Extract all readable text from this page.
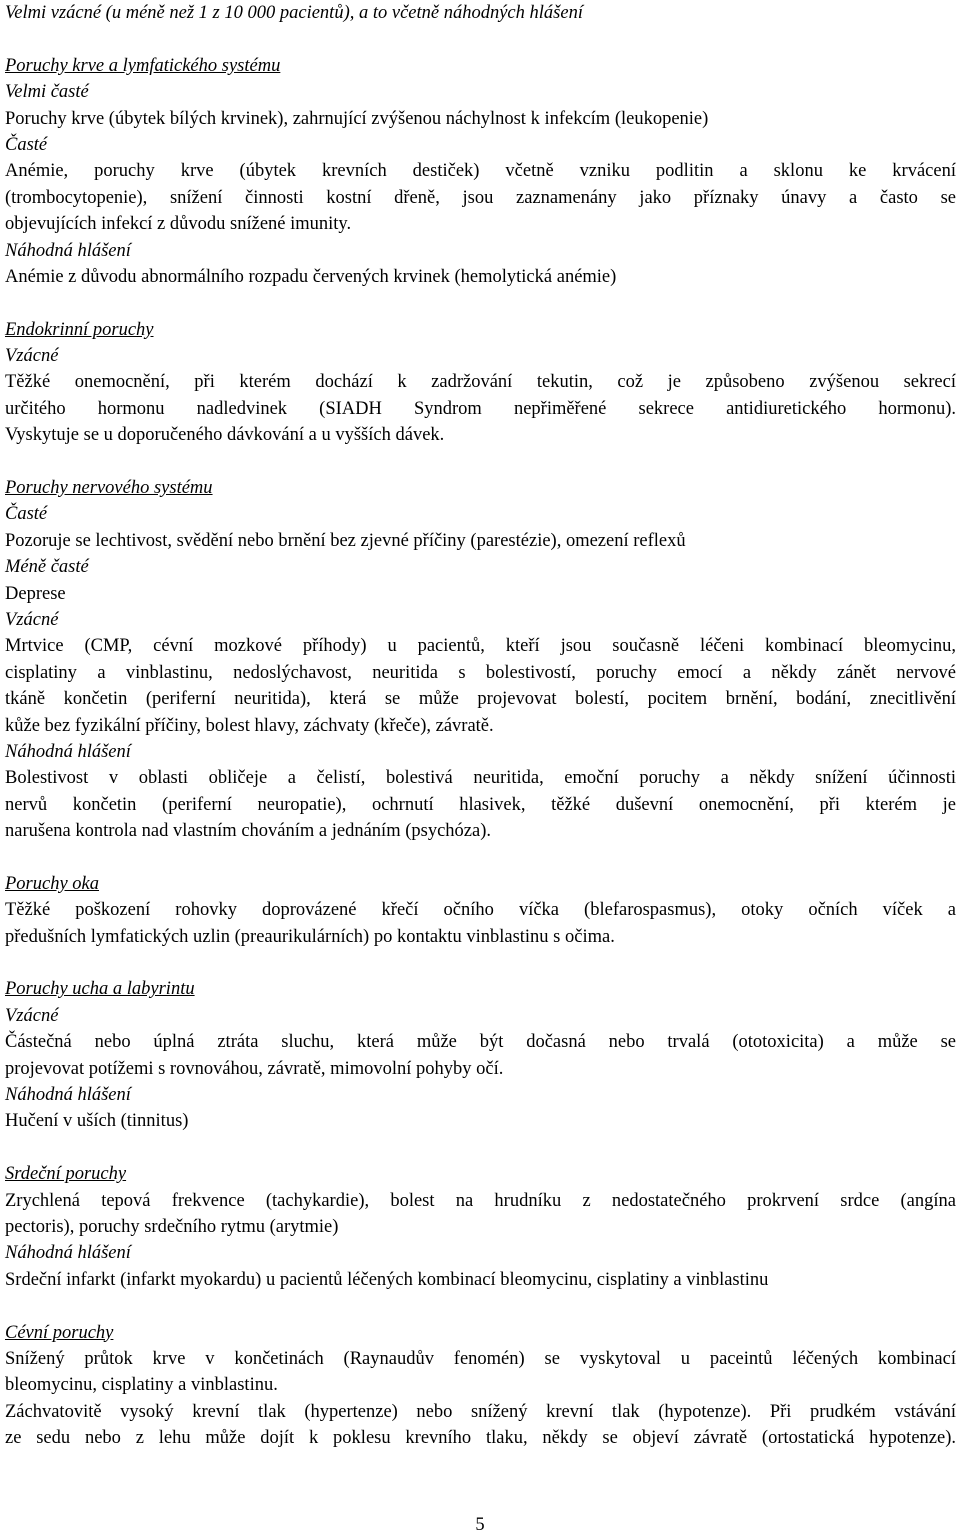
Velmi vzácné (u méně než 1 z 10 000 pacientů), a to včetně náhodných hlášení
Poruchy krve a lymfatického systému
Velmi časté
Poruchy krve (úbytek bílých krvinek), zahrnující zvýšenou náchylnost k infekcím (leukopenie)
Časté
Anémie, poruchy krve (úbytek krevních destiček) včetně vzniku podlitin a sklonu ke krvácení
(trombocytopenie), snížení činnosti kostní dřeně, jsou zaznamenány jako příznaky únavy a často se
objevujících infekcí z důvodu snížené imunity.
Náhodná hlášení
Anémie z důvodu abnormálního rozpadu červených krvinek (hemolytická anémie)
Endokrinní poruchy
Vzácné
Těžké onemocnění, při kterém dochází k zadržování tekutin, což je způsobeno zvýšenou sekrecí
určitého hormonu nadledvinek (SIADH Syndrom nepřiměřené sekrece antidiuretického hormonu).
Vyskytuje se u doporučeného dávkování a u vyšších dávek.
Poruchy nervového systému
Časté
Pozoruje se lechtivost, svědění nebo brnění bez zjevné příčiny (parestézie), omezení reflexů
Méně časté
Deprese
Vzácné
Mrtvice (CMP, cévní mozkové příhody) u pacientů, kteří jsou současně léčeni kombinací bleomycinu,
cisplatiny a vinblastinu, nedoslýchavost, neuritida s bolestivostí, poruchy emocí a někdy zánět nervové
tkáně končetin (periferní neuritida), která se může projevovat bolestí, pocitem brnění, bodání, znecitlivění
kůže bez fyzikální příčiny, bolest hlavy, záchvaty (křeče), závratě.
Náhodná hlášení
Bolestivost v oblasti obličeje a čelistí, bolestivá neuritida, emoční poruchy a někdy snížení účinnosti
nervů končetin (periferní neuropatie), ochrnutí hlasivek, těžké duševní onemocnění, při kterém je
narušena kontrola nad vlastním chováním a jednáním (psychóza).
Poruchy oka
Těžké poškození rohovky doprovázené křečí očního víčka (blefarospasmus), otoky očních víček a
předušních lymfatických uzlin (preaurikulárních) po kontaktu vinblastinu s očima.
Poruchy ucha a labyrintu
Vzácné
Částečná nebo úplná ztráta sluchu, která může být dočasná nebo trvalá (ototoxicita) a může se
projevovat potížemi s rovnováhou, závratě, mimovolní pohyby očí.
Náhodná hlášení
Hučení v uších (tinnitus)
Srdeční poruchy
Zrychlená tepová frekvence (tachykardie), bolest na hrudníku z nedostatečného prokrvení srdce (angína
pectoris), poruchy srdečního rytmu (arytmie)
Náhodná hlášení
Srdeční infarkt (infarkt myokardu) u pacientů léčených kombinací bleomycinu, cisplatiny a vinblastinu
Cévní poruchy
Snížený průtok krve v končetinách (Raynaudův fenomén) se vyskytoval u paceintů léčených kombinací
bleomycinu, cisplatiny a vinblastinu.
Záchvatovitě vysoký krevní tlak (hypertenze) nebo snížený krevní tlak (hypotenze). Při prudkém vstávání
ze sedu nebo z lehu může dojít k poklesu krevního tlaku, někdy se objeví závratě (ortostatická hypotenze).
5
